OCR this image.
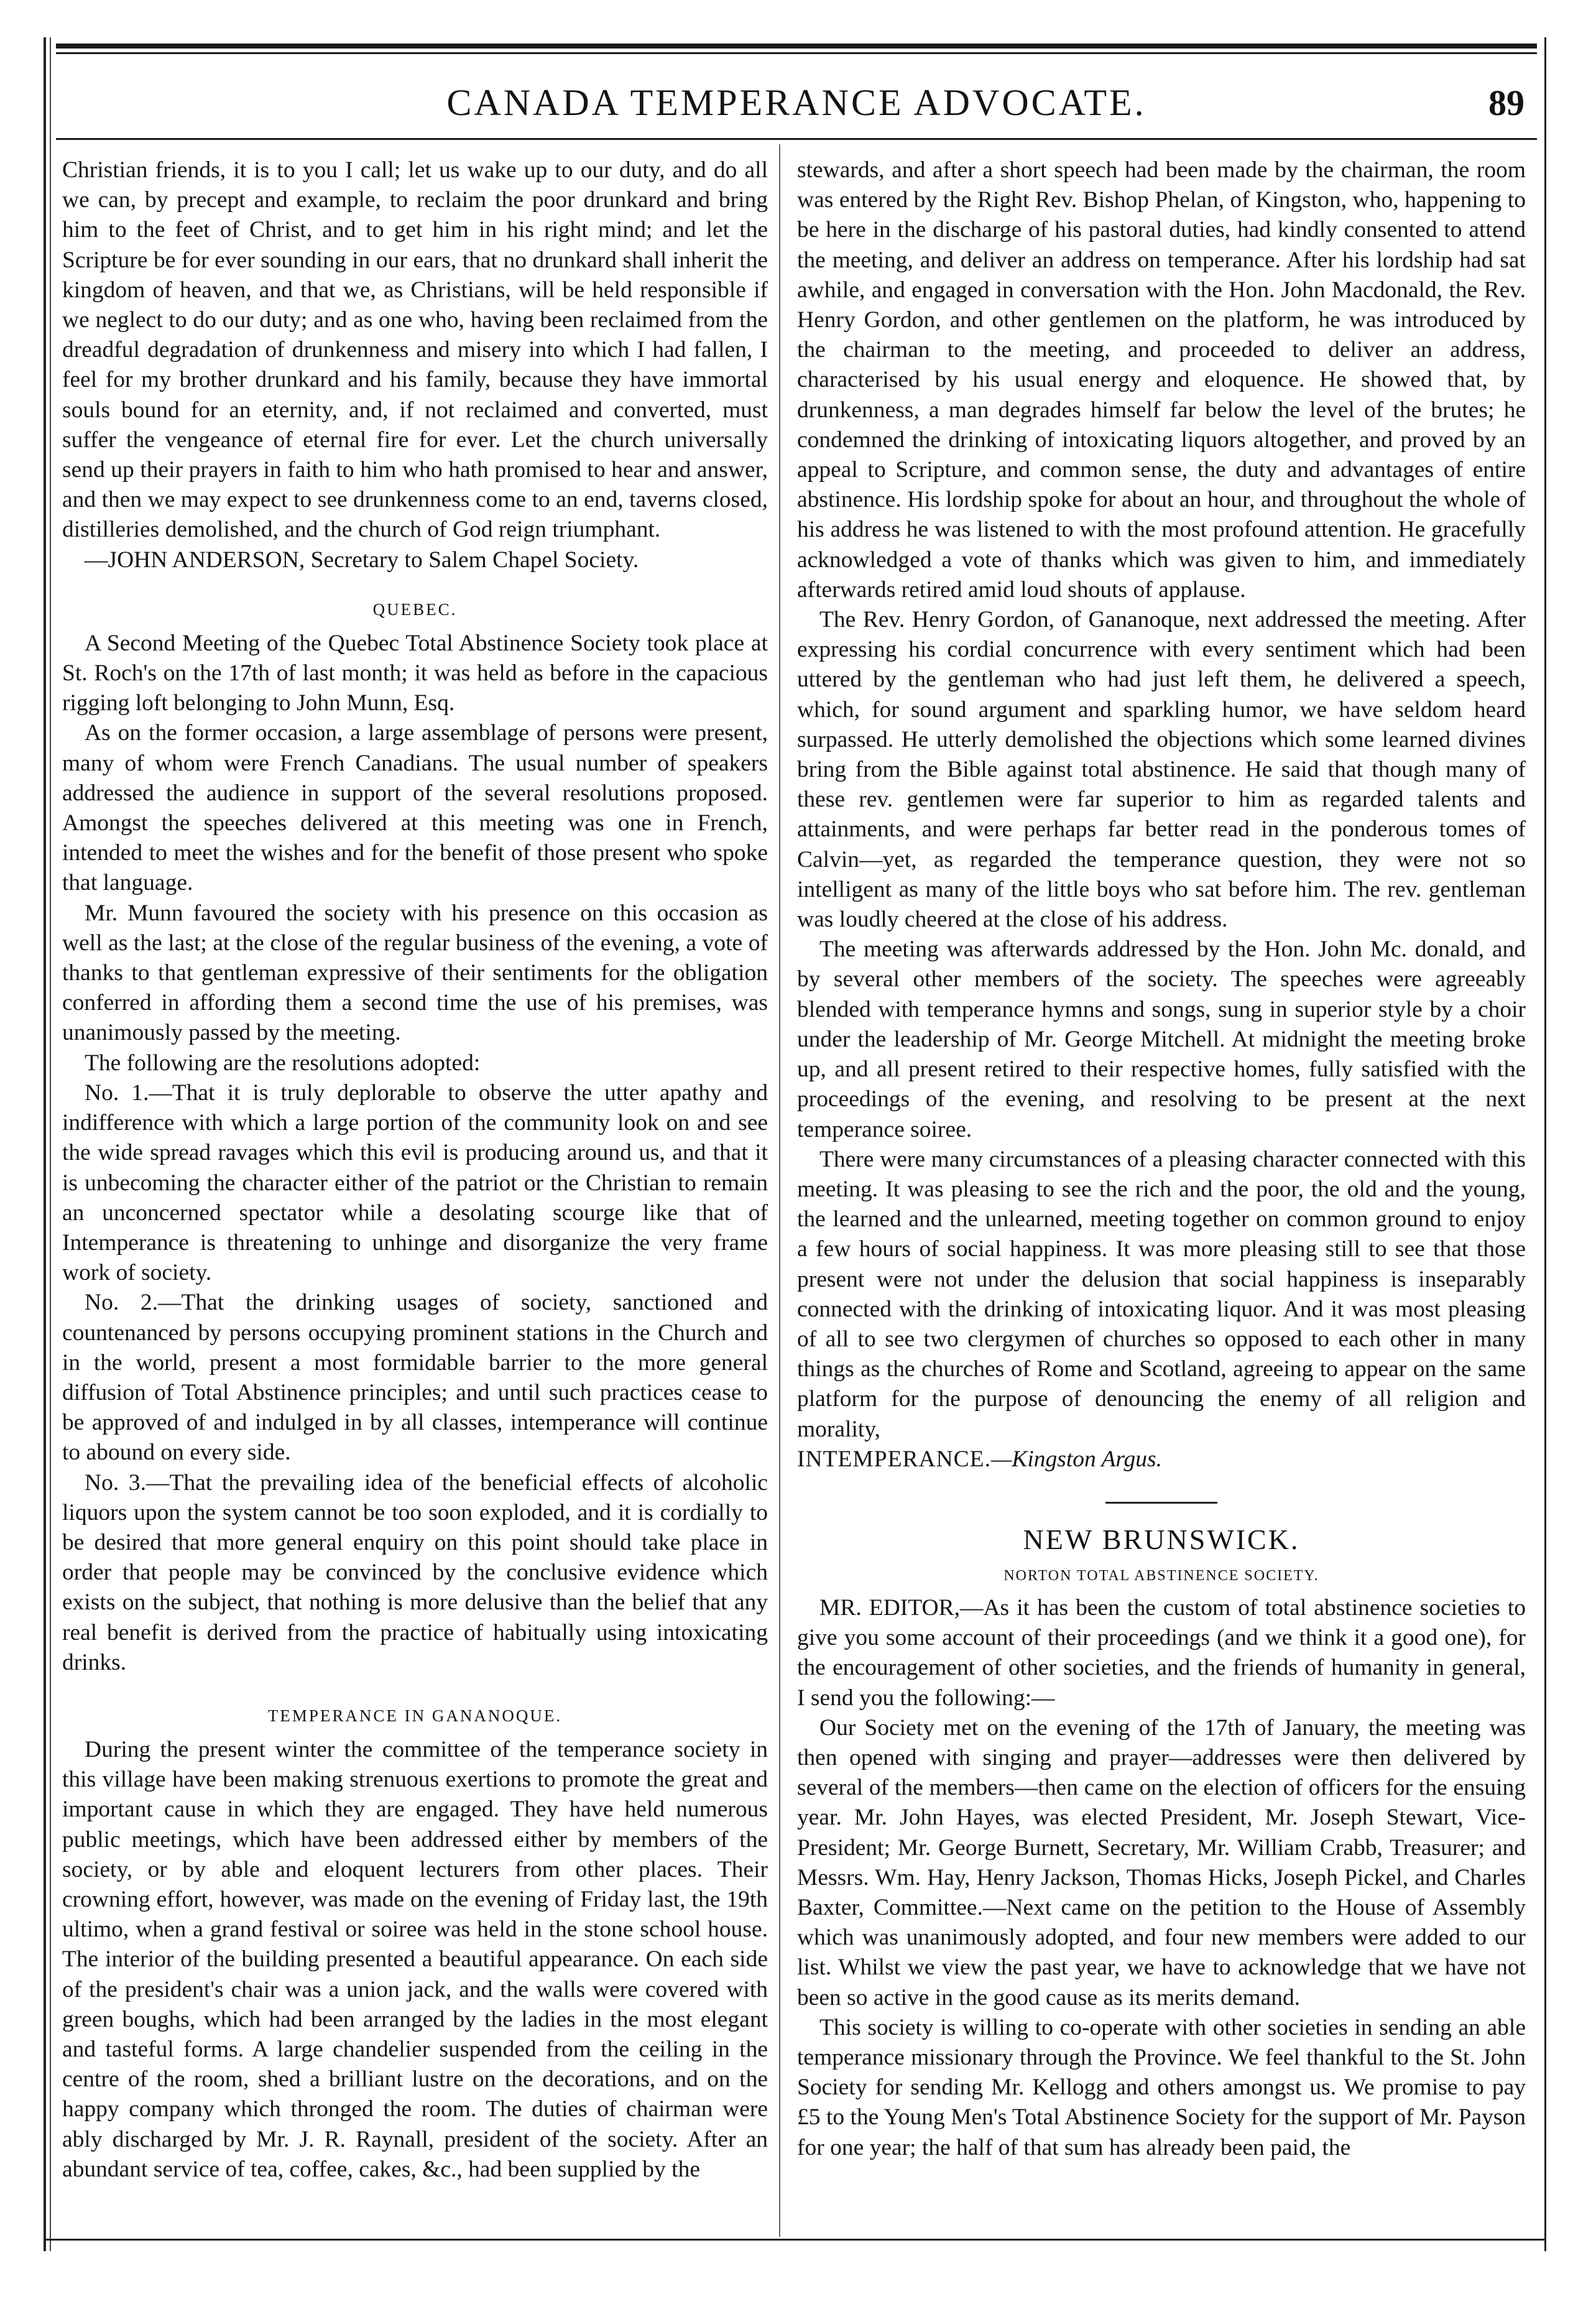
CANADA TEMPERANCE ADVOCATE.	89

Christian friends, it is to you I call; let us wake up to our duty, and do all we can, by precept and example, to reclaim the poor drunkard and bring him to the feet of Christ, and to get him in his right mind; and let the Scripture be for ever sounding in our ears, that no drunkard shall inherit the kingdom of heaven, and that we, as Christians, will be held responsible if we neglect to do our duty; and as one who, having been reclaimed from the dreadful degradation of drunkenness and misery into which I had fallen, I feel for my brother drunkard and his family, because they have immortal souls bound for an eternity, and, if not reclaimed and converted, must suffer the vengeance of eternal fire for ever. Let the church universally send up their prayers in faith to him who hath promised to hear and answer, and then we may expect to see drunkenness come to an end, taverns closed, distilleries demolished, and the church of God reign triumphant.

—JOHN ANDERSON, Secretary to Salem Chapel Society.

QUEBEC.

A Second Meeting of the Quebec Total Abstinence Society took place at St. Roch's on the 17th of last month; it was held as before in the capacious rigging loft belonging to John Munn, Esq.

As on the former occasion, a large assemblage of persons were present, many of whom were French Canadians. The usual number of speakers addressed the audience in support of the several resolutions proposed. Amongst the speeches delivered at this meeting was one in French, intended to meet the wishes and for the benefit of those present who spoke that language.

Mr. Munn favoured the society with his presence on this occasion as well as the last; at the close of the regular business of the evening, a vote of thanks to that gentleman expressive of their sentiments for the obligation conferred in affording them a second time the use of his premises, was unanimously passed by the meeting.

The following are the resolutions adopted:

No. 1.—That it is truly deplorable to observe the utter apathy and indifference with which a large portion of the community look on and see the wide spread ravages which this evil is producing around us, and that it is unbecoming the character either of the patriot or the Christian to remain an unconcerned spectator while a desolating scourge like that of Intemperance is threatening to unhinge and disorganize the very frame work of society.

No. 2.—That the drinking usages of society, sanctioned and countenanced by persons occupying prominent stations in the Church and in the world, present a most formidable barrier to the more general diffusion of Total Abstinence principles; and until such practices cease to be approved of and indulged in by all classes, intemperance will continue to abound on every side.

No. 3.—That the prevailing idea of the beneficial effects of alcoholic liquors upon the system cannot be too soon exploded, and it is cordially to be desired that more general enquiry on this point should take place in order that people may be convinced by the conclusive evidence which exists on the subject, that nothing is more delusive than the belief that any real benefit is derived from the practice of habitually using intoxicating drinks.

TEMPERANCE IN GANANOQUE.

During the present winter the committee of the temperance society in this village have been making strenuous exertions to promote the great and important cause in which they are engaged. They have held numerous public meetings, which have been addressed either by members of the society, or by able and eloquent lecturers from other places. Their crowning effort, however, was made on the evening of Friday last, the 19th ultimo, when a grand festival or soiree was held in the stone school house. The interior of the building presented a beautiful appearance. On each side of the president's chair was a union jack, and the walls were covered with green boughs, which had been arranged by the ladies in the most elegant and tasteful forms. A large chandelier suspended from the ceiling in the centre of the room, shed a brilliant lustre on the decorations, and on the happy company which thronged the room. The duties of chairman were ably discharged by Mr. J. R. Raynall, president of the society. After an abundant service of tea, coffee, cakes, &c., had been supplied by the

stewards, and after a short speech had been made by the chairman, the room was entered by the Right Rev. Bishop Phelan, of Kingston, who, happening to be here in the discharge of his pastoral duties, had kindly consented to attend the meeting, and deliver an address on temperance. After his lordship had sat awhile, and engaged in conversation with the Hon. John Macdonald, the Rev. Henry Gordon, and other gentlemen on the platform, he was introduced by the chairman to the meeting, and proceeded to deliver an address, characterised by his usual energy and eloquence. He showed that, by drunkenness, a man degrades himself far below the level of the brutes; he condemned the drinking of intoxicating liquors altogether, and proved by an appeal to Scripture, and common sense, the duty and advantages of entire abstinence. His lordship spoke for about an hour, and throughout the whole of his address he was listened to with the most profound attention. He gracefully acknowledged a vote of thanks which was given to him, and immediately afterwards retired amid loud shouts of applause.

The Rev. Henry Gordon, of Gananoque, next addressed the meeting. After expressing his cordial concurrence with every sentiment which had been uttered by the gentleman who had just left them, he delivered a speech, which, for sound argument and sparkling humor, we have seldom heard surpassed. He utterly demolished the objections which some learned divines bring from the Bible against total abstinence. He said that though many of these rev. gentlemen were far superior to him as regarded talents and attainments, and were perhaps far better read in the ponderous tomes of Calvin—yet, as regarded the temperance question, they were not so intelligent as many of the little boys who sat before him. The rev. gentleman was loudly cheered at the close of his address.

The meeting was afterwards addressed by the Hon. John Mc. donald, and by several other members of the society. The speeches were agreeably blended with temperance hymns and songs, sung in superior style by a choir under the leadership of Mr. George Mitchell. At midnight the meeting broke up, and all present retired to their respective homes, fully satisfied with the proceedings of the evening, and resolving to be present at the next temperance soiree.

There were many circumstances of a pleasing character connected with this meeting. It was pleasing to see the rich and the poor, the old and the young, the learned and the unlearned, meeting together on common ground to enjoy a few hours of social happiness. It was more pleasing still to see that those present were not under the delusion that social happiness is inseparably connected with the drinking of intoxicating liquor. And it was most pleasing of all to see two clergymen of churches so opposed to each other in many things as the churches of Rome and Scotland, agreeing to appear on the same platform for the purpose of denouncing the enemy of all religion and morality,

INTEMPERANCE.—Kingston Argus.

NEW BRUNSWICK.
NORTON TOTAL ABSTINENCE SOCIETY.

MR. EDITOR,—As it has been the custom of total abstinence societies to give you some account of their proceedings (and we think it a good one), for the encouragement of other societies, and the friends of humanity in general, I send you the following:—

Our Society met on the evening of the 17th of January, the meeting was then opened with singing and prayer—addresses were then delivered by several of the members—then came on the election of officers for the ensuing year. Mr. John Hayes, was elected President, Mr. Joseph Stewart, Vice-President; Mr. George Burnett, Secretary, Mr. William Crabb, Treasurer; and Messrs. Wm. Hay, Henry Jackson, Thomas Hicks, Joseph Pickel, and Charles Baxter, Committee.—Next came on the petition to the House of Assembly which was unanimously adopted, and four new members were added to our list. Whilst we view the past year, we have to acknowledge that we have not been so active in the good cause as its merits demand.

This society is willing to co-operate with other societies in sending an able temperance missionary through the Province. We feel thankful to the St. John Society for sending Mr. Kellogg and others amongst us. We promise to pay £5 to the Young Men's Total Abstinence Society for the support of Mr. Payson for one year; the half of that sum has already been paid, the
